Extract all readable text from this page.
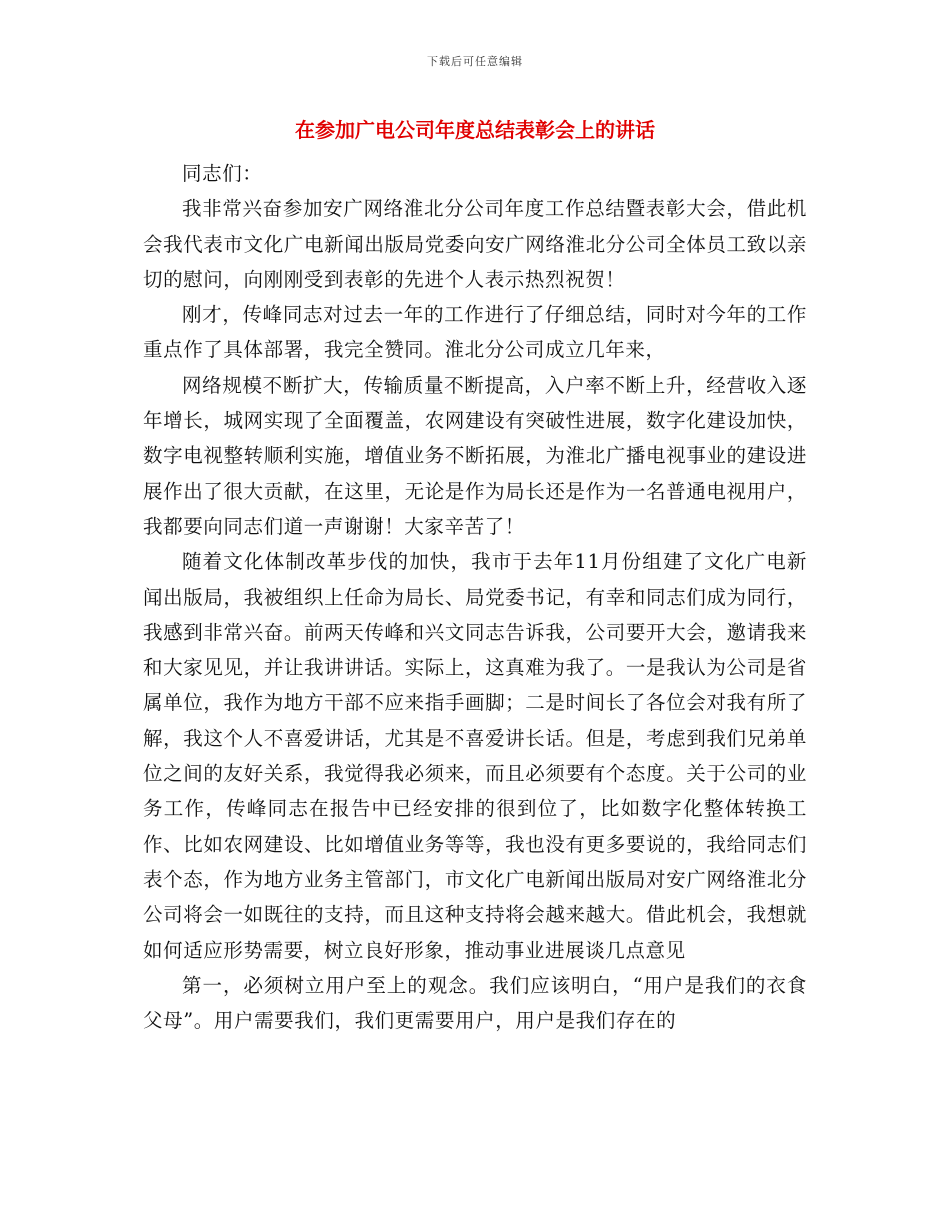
下载后可任意编辑
在参加广电公司年度总结表彰会上的讲话

同志们：

我非常兴奋参加安广网络淮北分公司年度工作总结暨表彰大会，借此机会我代表市文化广电新闻出版局党委向安广网络淮北分公司全体员工致以亲切的慰问，向刚刚受到表彰的先进个人表示热烈祝贺！

刚才，传峰同志对过去一年的工作进行了仔细总结，同时对今年的工作重点作了具体部署，我完全赞同。淮北分公司成立几年来，

网络规模不断扩大，传输质量不断提高，入户率不断上升，经营收入逐年增长，城网实现了全面覆盖，农网建设有突破性进展，数字化建设加快，数字电视整转顺利实施，增值业务不断拓展，为淮北广播电视事业的建设进展作出了很大贡献，在这里，无论是作为局长还是作为一名普通电视用户，我都要向同志们道一声谢谢！大家辛苦了！

随着文化体制改革步伐的加快，我市于去年11月份组建了文化广电新闻出版局，我被组织上任命为局长、局党委书记，有幸和同志们成为同行，我感到非常兴奋。前两天传峰和兴文同志告诉我，公司要开大会，邀请我来和大家见见，并让我讲讲话。实际上，这真难为我了。一是我认为公司是省属单位，我作为地方干部不应来指手画脚；二是时间长了各位会对我有所了解，我这个人不喜爱讲话，尤其是不喜爱讲长话。但是，考虑到我们兄弟单位之间的友好关系，我觉得我必须来，而且必须要有个态度。关于公司的业务工作，传峰同志在报告中已经安排的很到位了，比如数字化整体转换工作、比如农网建设、比如增值业务等等，我也没有更多要说的，我给同志们表个态，作为地方业务主管部门，市文化广电新闻出版局对安广网络淮北分公司将会一如既往的支持，而且这种支持将会越来越大。借此机会，我想就如何适应形势需要，树立良好形象，推动事业进展谈几点意见

第一，必须树立用户至上的观念。我们应该明白，“用户是我们的衣食父母”。用户需要我们，我们更需要用户，用户是我们存在的
